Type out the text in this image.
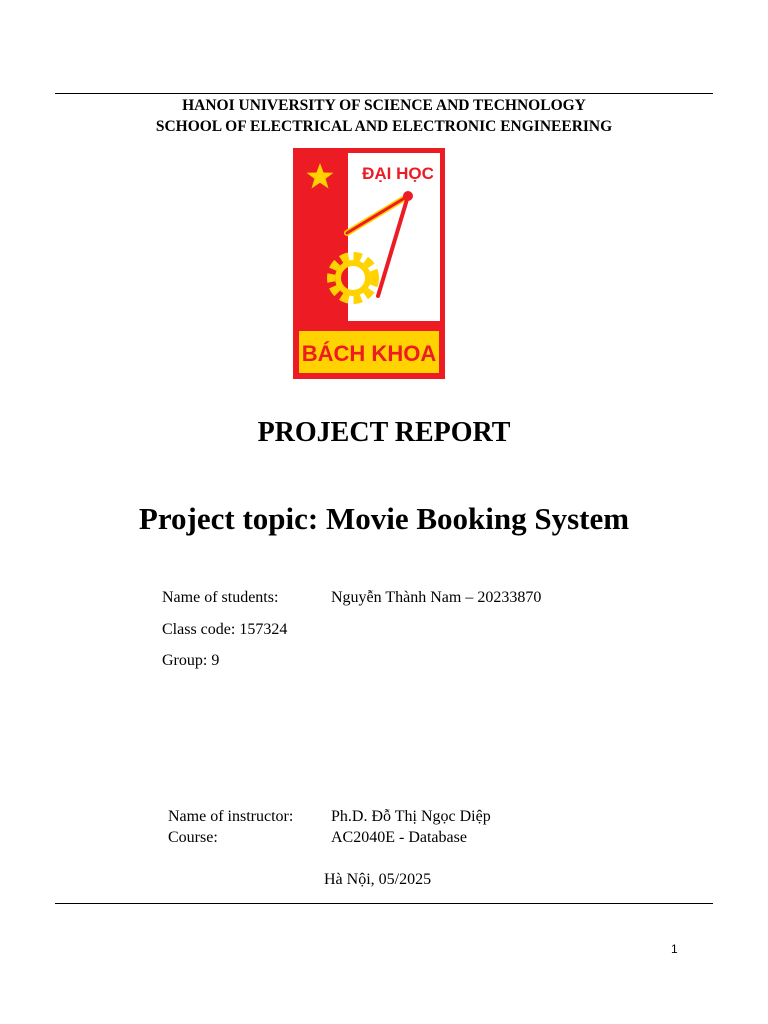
HANOI UNIVERSITY OF SCIENCE AND TECHNOLOGY
SCHOOL OF ELECTRICAL AND ELECTRONIC ENGINEERING
ĐẠI HỌC
BÁCH KHOA
PROJECT REPORT
Project topic: Movie Booking System
Name of students:	Nguyễn Thành Nam – 20233870
Class code: 157324
Group: 9
Name of instructor: Ph.D. Đỗ Thị Ngọc Diệp
Course:	AC2040E - Database
Hà Nội, 05/2025
1
